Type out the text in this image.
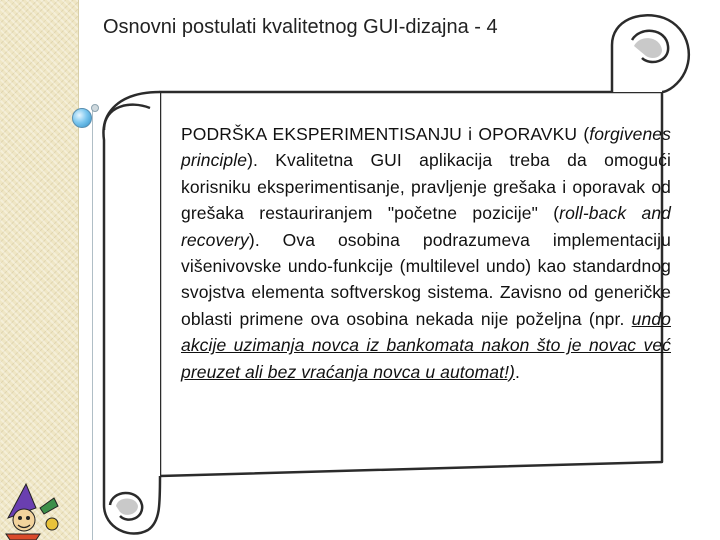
Osnovni postulati kvalitetnog GUI-dizajna - 4
PODRŠKA EKSPERIMENTISANJU i OPORAVKU (forgivenes principle). Kvalitetna GUI aplikacija treba da omogući korisniku eksperimentisanje, pravljenje grešaka i oporavak od grešaka restauriranjem "početne pozicije" (roll-back and recovery). Ova osobina podrazumeva implementaciju višenivovske undo-funkcije (multilevel undo) kao standardnog svojstva elementa softverskog sistema. Zavisno od generičke oblasti primene ova osobina nekada nije poželjna (npr. undo akcije uzimanja novca iz bankomata nakon što je novac već preuzet ali bez vraćanja novca u automat!).
